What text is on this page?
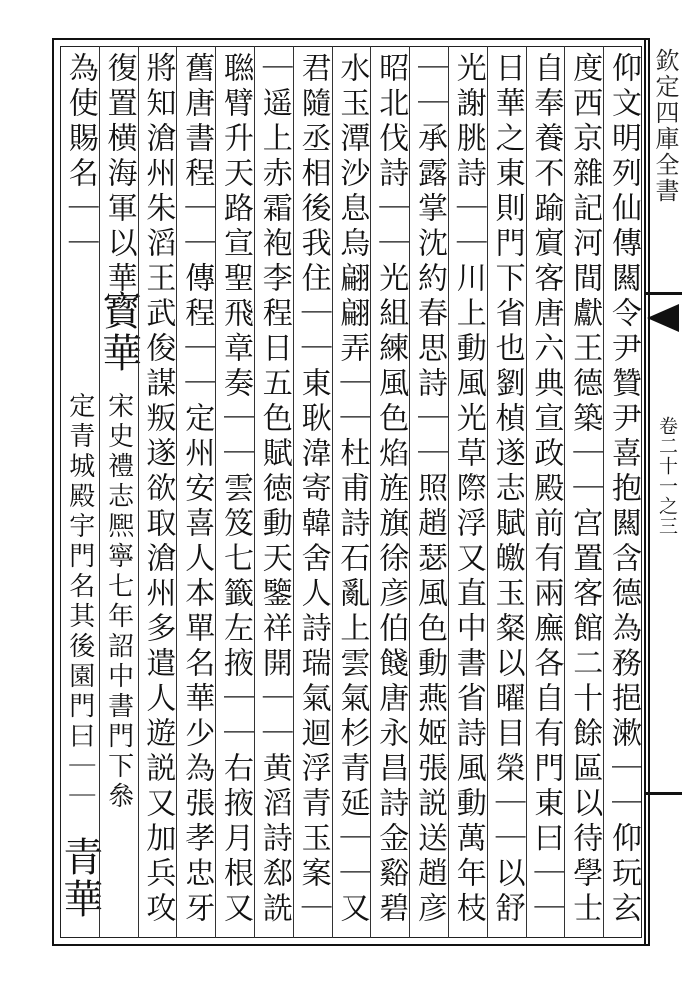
仰文明列仙傳闗令尹贊尹喜抱闗含德為務挹漱｜｜仰玩玄
度西京雜記河間獻王德築｜｜宫置客館二十餘區以待學士
自奉養不踰賔客唐六典宣政殿前有兩廡各自有門東曰｜｜
日華之東則門下省也劉楨遂志賦皦玉粲以曜目榮｜｜以舒
光謝朓詩｜｜川上動風光草際浮又直中書省詩風動萬年枝
｜｜承露掌沈約春思詩｜｜照趙瑟風色動燕姬張説送趙彦
昭北伐詩｜｜光組練風色焰旌旗徐彦伯餞唐永昌詩金谿碧
水玉潭沙息烏翩翩弄｜｜杜甫詩石亂上雲氣杉青延｜｜又
君隨丞相後我住｜｜東耿湋寄韓舍人詩瑞氣迴浮青玉案｜
｜遥上赤霜袍李程日五色賦徳動天鑒祥開｜｜黄滔詩郄詵
聮臂升天路宣聖飛章奏｜｜雲笈七籤左掖｜｜右掖月根又
舊唐書程｜｜傳程｜｜定州安喜人本單名華少為張孝忠牙
將知滄州朱滔王武俊謀叛遂欲取滄州多遣人遊説又加兵攻
復置横海軍以華
寳華
宋史禮志熈寧七年詔中書門下叅
為使賜名｜｜
定青城殿宇門名其後園門曰｜｜
青華
欽定四庫全書
卷二十一之三
